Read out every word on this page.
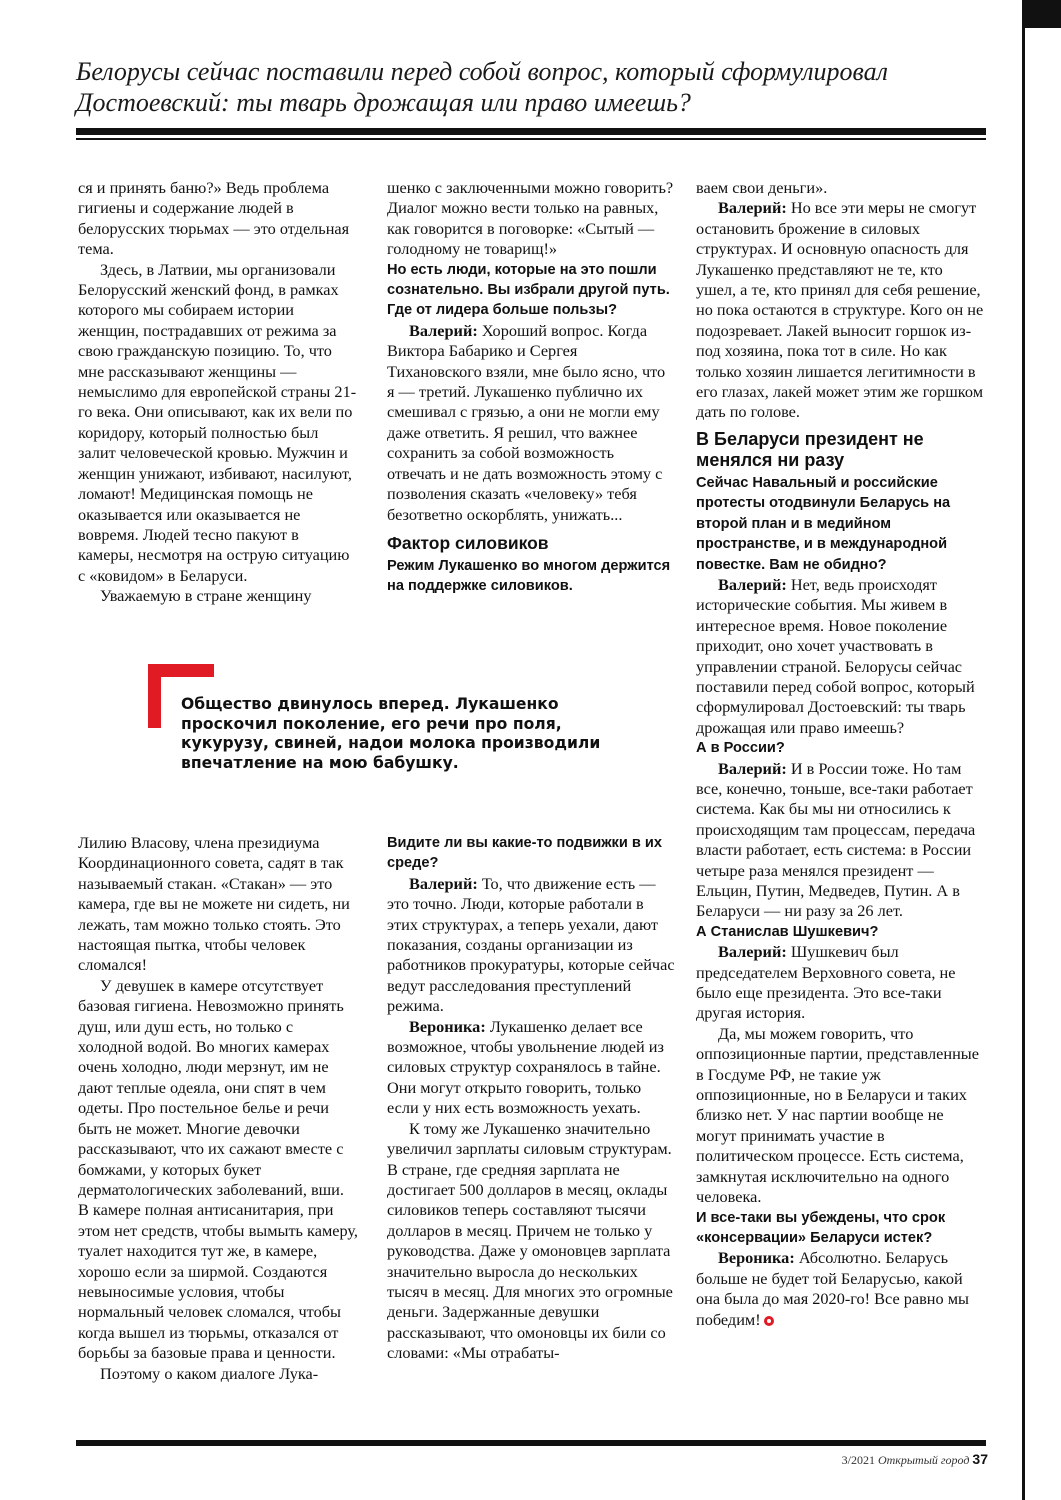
Белорусы сейчас поставили перед собой вопрос, который сформулировал Достоевский: ты тварь дрожащая или право имеешь?

ся и принять баню?» Ведь проблема гигиены и содержание людей в белорусских тюрьмах — это отдельная тема.

Здесь, в Латвии, мы организовали Белорусский женский фонд, в рамках которого мы собираем истории женщин, пострадавших от режима за свою гражданскую позицию. То, что мне рассказывают женщины — немыслимо для европейской страны 21-го века. Они описывают, как их вели по коридору, который полностью был залит человеческой кровью. Мужчин и женщин унижают, избивают, насилуют, ломают! Медицинская помощь не оказывается или оказывается не вовремя. Людей тесно пакуют в камеры, несмотря на острую ситуацию с «ковидом» в Беларуси.

Уважаемую в стране женщину

шенко с заключенными можно говорить? Диалог можно вести только на равных, как говорится в поговорке: «Сытый — голодному не товарищ!»

Но есть люди, которые на это пошли сознательно. Вы избрали другой путь. Где от лидера больше пользы?

Валерий: Хороший вопрос. Когда Виктора Бабарико и Сергея Тихановского взяли, мне было ясно, что я — третий. Лукашенко публично их смешивал с грязью, а они не могли ему даже ответить. Я решил, что важнее сохранить за собой возможность отвечать и не дать возможность этому с позволения сказать «человеку» тебя безответно оскорблять, унижать...

Фактор силовиков

Режим Лукашенко во многом держится на поддержке силовиков.

ваем свои деньги».

Валерий: Но все эти меры не смогут остановить брожение в силовых структурах. И основную опасность для Лукашенко представляют не те, кто ушел, а те, кто принял для себя решение, но пока остаются в структуре. Кого он не подозревает. Лакей выносит горшок из-под хозяина, пока тот в силе. Но как только хозяин лишается легитимности в его глазах, лакей может этим же горшком дать по голове.

В Беларуси президент не менялся ни разу

Сейчас Навальный и российские протесты отодвинули Беларусь на второй план и в медийном пространстве, и в международной повестке. Вам не обидно?

Валерий: Нет, ведь происходят исторические события. Мы живем в интересное время. Новое поколение приходит, оно хочет участвовать в управлении страной. Белорусы сейчас поставили перед собой вопрос, который сформулировал Достоевский: ты тварь дрожащая или право имеешь?

А в России?

Валерий: И в России тоже. Но там все, конечно, тоньше, все-таки работает система. Как бы мы ни относились к происходящим там процессам, передача власти работает, есть система: в России четыре раза менялся президент — Ельцин, Путин, Медведев, Путин. А в Беларуси — ни разу за 26 лет.

А Станислав Шушкевич?

Валерий: Шушкевич был председателем Верховного совета, не было еще президента. Это все-таки другая история.

Да, мы можем говорить, что оппозиционные партии, представленные в Госдуме РФ, не такие уж оппозиционные, но в Беларуси и таких близко нет. У нас партии вообще не могут принимать участие в политическом процессе. Есть система, замкнутая исключительно на одного человека.

И все-таки вы убеждены, что срок «консервации» Беларуси истек?

Вероника: Абсолютно. Беларусь больше не будет той Беларусью, какой она была до мая 2020-го! Все равно мы победим!

Общество двинулось вперед. Лукашенко проскочил поколение, его речи про поля, кукурузу, свиней, надои молока производили впечатление на мою бабушку.

Лилию Власову, члена президиума Координационного совета, садят в так называемый стакан. «Стакан» — это камера, где вы не можете ни сидеть, ни лежать, там можно только стоять. Это настоящая пытка, чтобы человек сломался!

У девушек в камере отсутствует базовая гигиена. Невозможно принять душ, или душ есть, но только с холодной водой. Во многих камерах очень холодно, люди мерзнут, им не дают теплые одеяла, они спят в чем одеты. Про постельное белье и речи быть не может. Многие девочки рассказывают, что их сажают вместе с бомжами, у которых букет дерматологических заболеваний, вши. В камере полная антисанитария, при этом нет средств, чтобы вымыть камеру, туалет находится тут же, в камере, хорошо если за ширмой. Создаются невыносимые условия, чтобы нормальный человек сломался, чтобы когда вышел из тюрьмы, отказался от борьбы за базовые права и ценности.

Поэтому о каком диалоге Лука-

Видите ли вы какие-то подвижки в их среде?

Валерий: То, что движение есть — это точно. Люди, которые работали в этих структурах, а теперь уехали, дают показания, созданы организации из работников прокуратуры, которые сейчас ведут расследования преступлений режима.

Вероника: Лукашенко делает все возможное, чтобы увольнение людей из силовых структур сохранялось в тайне. Они могут открыто говорить, только если у них есть возможность уехать.

К тому же Лукашенко значительно увеличил зарплаты силовым структурам. В стране, где средняя зарплата не достигает 500 долларов в месяц, оклады силовиков теперь составляют тысячи долларов в месяц. Причем не только у руководства. Даже у омоновцев зарплата значительно выросла до нескольких тысяч в месяц. Для многих это огромные деньги. Задержанные девушки рассказывают, что омоновцы их били со словами: «Мы отрабаты-

3/2021 Открытый город 37
